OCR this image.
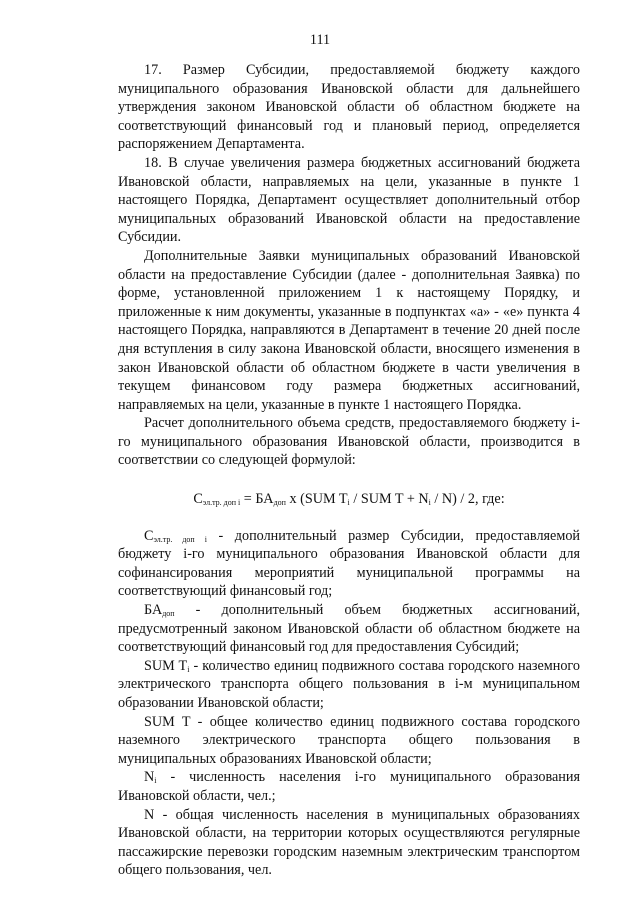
111

17. Размер Субсидии, предоставляемой бюджету каждого муниципального образования Ивановской области для дальнейшего утверждения законом Ивановской области об областном бюджете на соответствующий финансовый год и плановый период, определяется распоряжением Департамента.

18. В случае увеличения размера бюджетных ассигнований бюджета Ивановской области, направляемых на цели, указанные в пункте 1 настоящего Порядка, Департамент осуществляет дополнительный отбор муниципальных образований Ивановской области на предоставление Субсидии.

Дополнительные Заявки муниципальных образований Ивановской области на предоставление Субсидии (далее - дополнительная Заявка) по форме, установленной приложением 1 к настоящему Порядку, и приложенные к ним документы, указанные в подпунктах «а» - «е» пункта 4 настоящего Порядка, направляются в Департамент в течение 20 дней после дня вступления в силу закона Ивановской области, вносящего изменения в закон Ивановской области об областном бюджете в части увеличения в текущем финансовом году размера бюджетных ассигнований, направляемых на цели, указанные в пункте 1 настоящего Порядка.

Расчет дополнительного объема средств, предоставляемого бюджету i-го муниципального образования Ивановской области, производится в соответствии со следующей формулой:

$С_{эл.тр. доп i} = БА_{доп}$ x (SUM $T_i$ / SUM $T + N_i / N) / 2$, где:

$С_{эл.тр. доп i}$ - дополнительный размер Субсидии, предоставляемой бюджету i-го муниципального образования Ивановской области для софинансирования мероприятий муниципальной программы на соответствующий финансовый год;

$БА_{доп}$ - дополнительный объем бюджетных ассигнований, предусмотренный законом Ивановской области об областном бюджете на соответствующий финансовый год для предоставления Субсидий;

SUM $T_i$ - количество единиц подвижного состава городского наземного электрического транспорта общего пользования в i-м муниципальном образовании Ивановской области;

SUM T - общее количество единиц подвижного состава городского наземного электрического транспорта общего пользования в муниципальных образованиях Ивановской области;

$N_i$ - численность населения i-го муниципального образования Ивановской области, чел.;

N - общая численность населения в муниципальных образованиях Ивановской области, на территории которых осуществляются регулярные пассажирские перевозки городским наземным электрическим транспортом общего пользования, чел.
